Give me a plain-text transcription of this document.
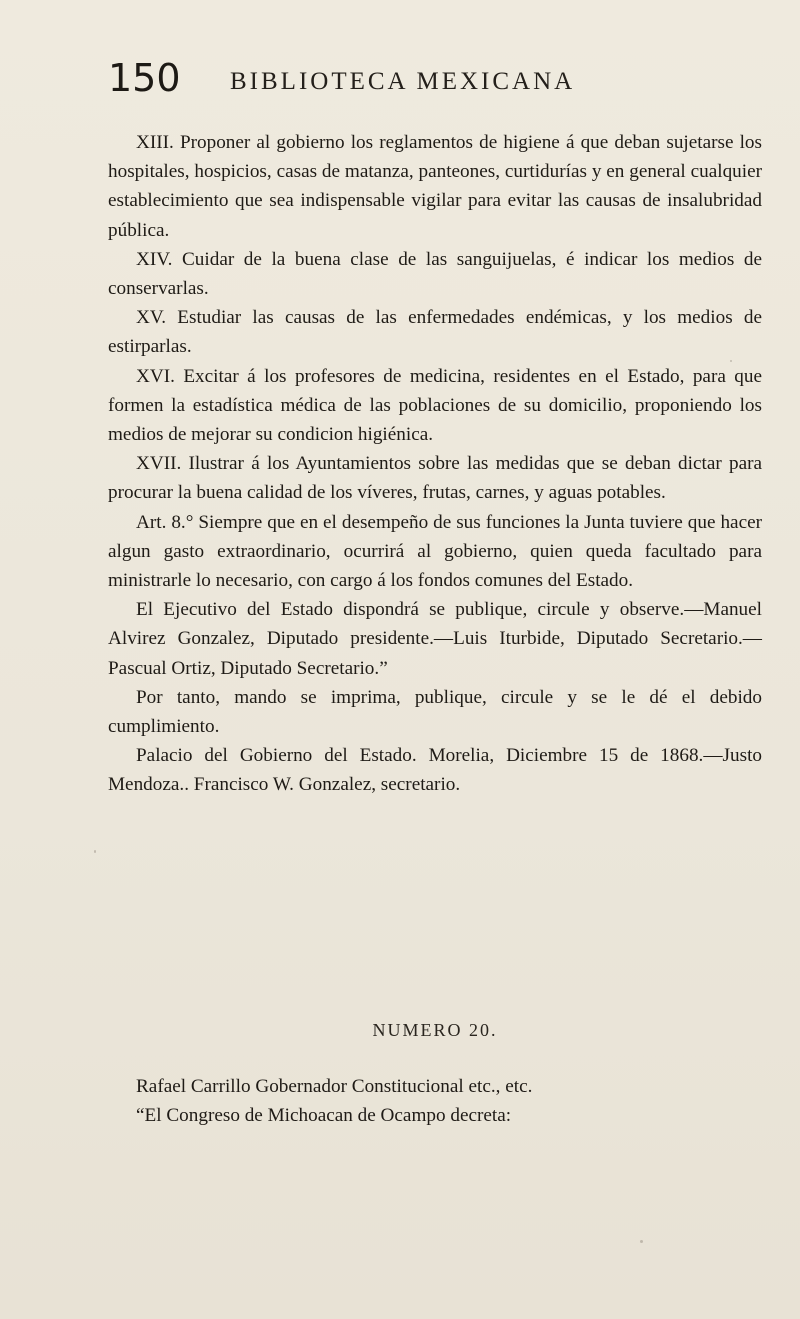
150 BIBLIOTECA MEXICANA

XIII. Proponer al gobierno los reglamentos de higiene á que deban sujetarse los hospitales, hospicios, casas de matanza, panteones, curtidurías y en general cualquier establecimiento que sea indispensable vigilar para evitar las causas de insalubridad pública.

XIV. Cuidar de la buena clase de las sanguijuelas, é indicar los medios de conservarlas.

XV. Estudiar las causas de las enfermedades endémicas, y los medios de estirparlas.

XVI. Excitar á los profesores de medicina, residentes en el Estado, para que formen la estadística médica de las poblaciones de su domicilio, proponiendo los medios de mejorar su condicion higiénica.

XVII. Ilustrar á los Ayuntamientos sobre las medidas que se deban dictar para procurar la buena calidad de los víveres, frutas, carnes, y aguas potables.

Art. 8.° Siempre que en el desempeño de sus funciones la Junta tuviere que hacer algun gasto extraordinario, ocurrirá al gobierno, quien queda facultado para ministrarle lo necesario, con cargo á los fondos comunes del Estado.

El Ejecutivo del Estado dispondrá se publique, circule y observe.—Manuel Alvirez Gonzalez, Diputado presidente.—Luis Iturbide, Diputado Secretario.—Pascual Ortiz, Diputado Secretario.”

Por tanto, mando se imprima, publique, circule y se le dé el debido cumplimiento.

Palacio del Gobierno del Estado. Morelia, Diciembre 15 de 1868.—Justo Mendoza.. Francisco W. Gonzalez, secretario.

NUMERO 20.

Rafael Carrillo Gobernador Constitucional etc., etc.

“El Congreso de Michoacan de Ocampo decreta:
